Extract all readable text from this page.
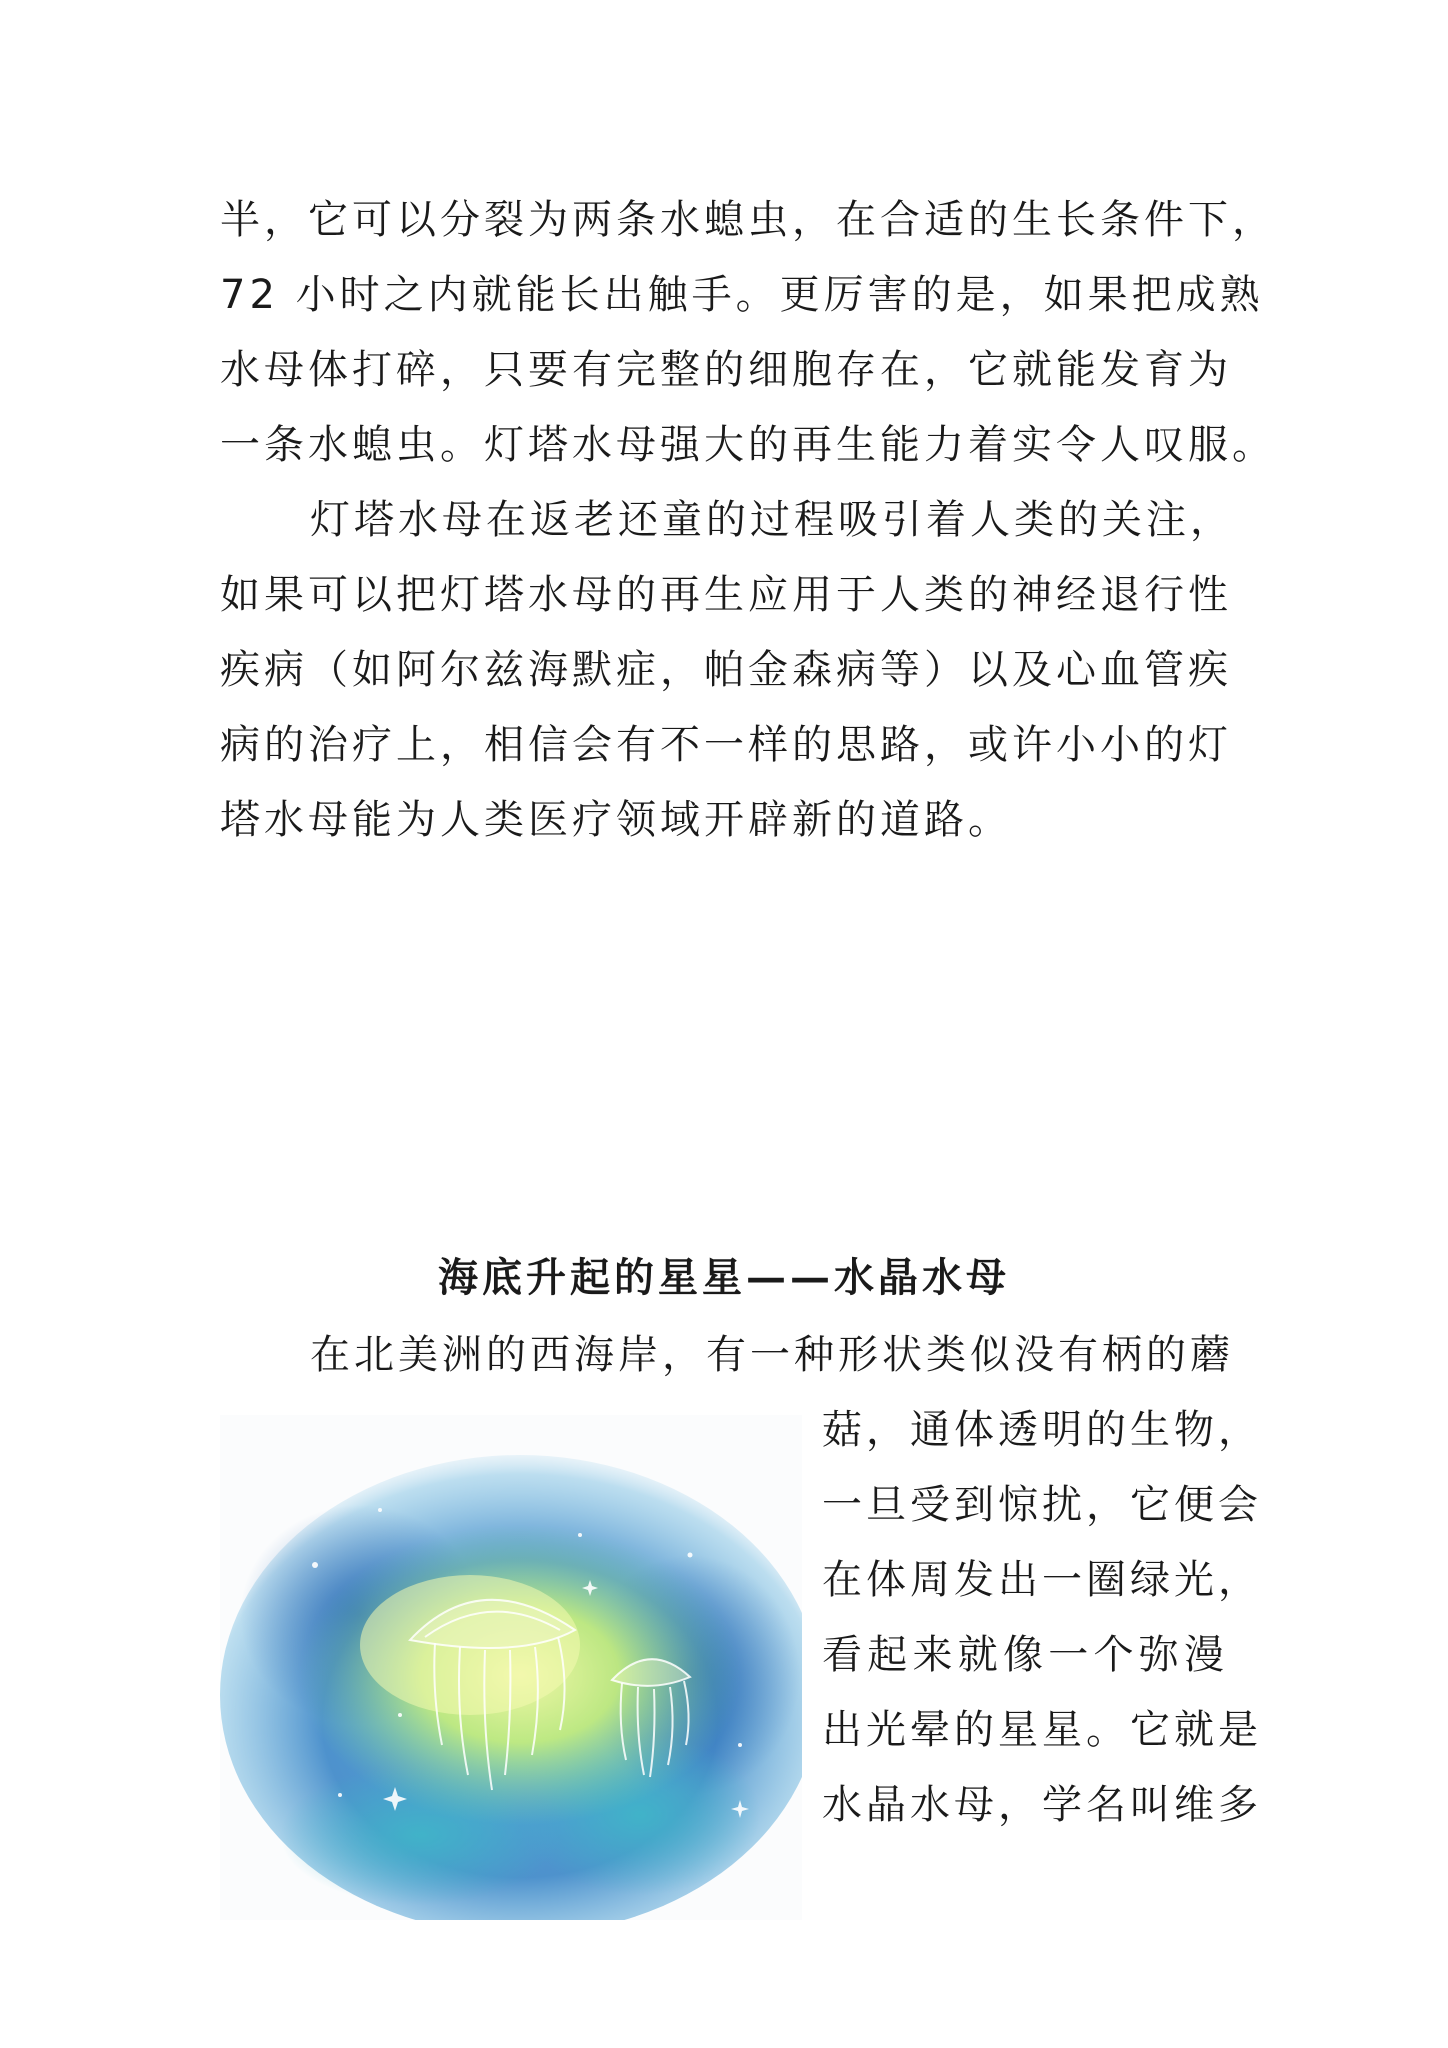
半，它可以分裂为两条水螅虫，在合适的生长条件下，
72 小时之内就能长出触手。更厉害的是，如果把成熟
水母体打碎，只要有完整的细胞存在，它就能发育为
一条水螅虫。灯塔水母强大的再生能力着实令人叹服。
灯塔水母在返老还童的过程吸引着人类的关注，
如果可以把灯塔水母的再生应用于人类的神经退行性
疾病（如阿尔兹海默症，帕金森病等）以及心血管疾
病的治疗上，相信会有不一样的思路，或许小小的灯
塔水母能为人类医疗领域开辟新的道路。
海底升起的星星——水晶水母
在北美洲的西海岸，有一种形状类似没有柄的蘑
菇，通体透明的生物，
一旦受到惊扰，它便会
在体周发出一圈绿光，
看起来就像一个弥漫
出光晕的星星。它就是
水晶水母，学名叫维多
